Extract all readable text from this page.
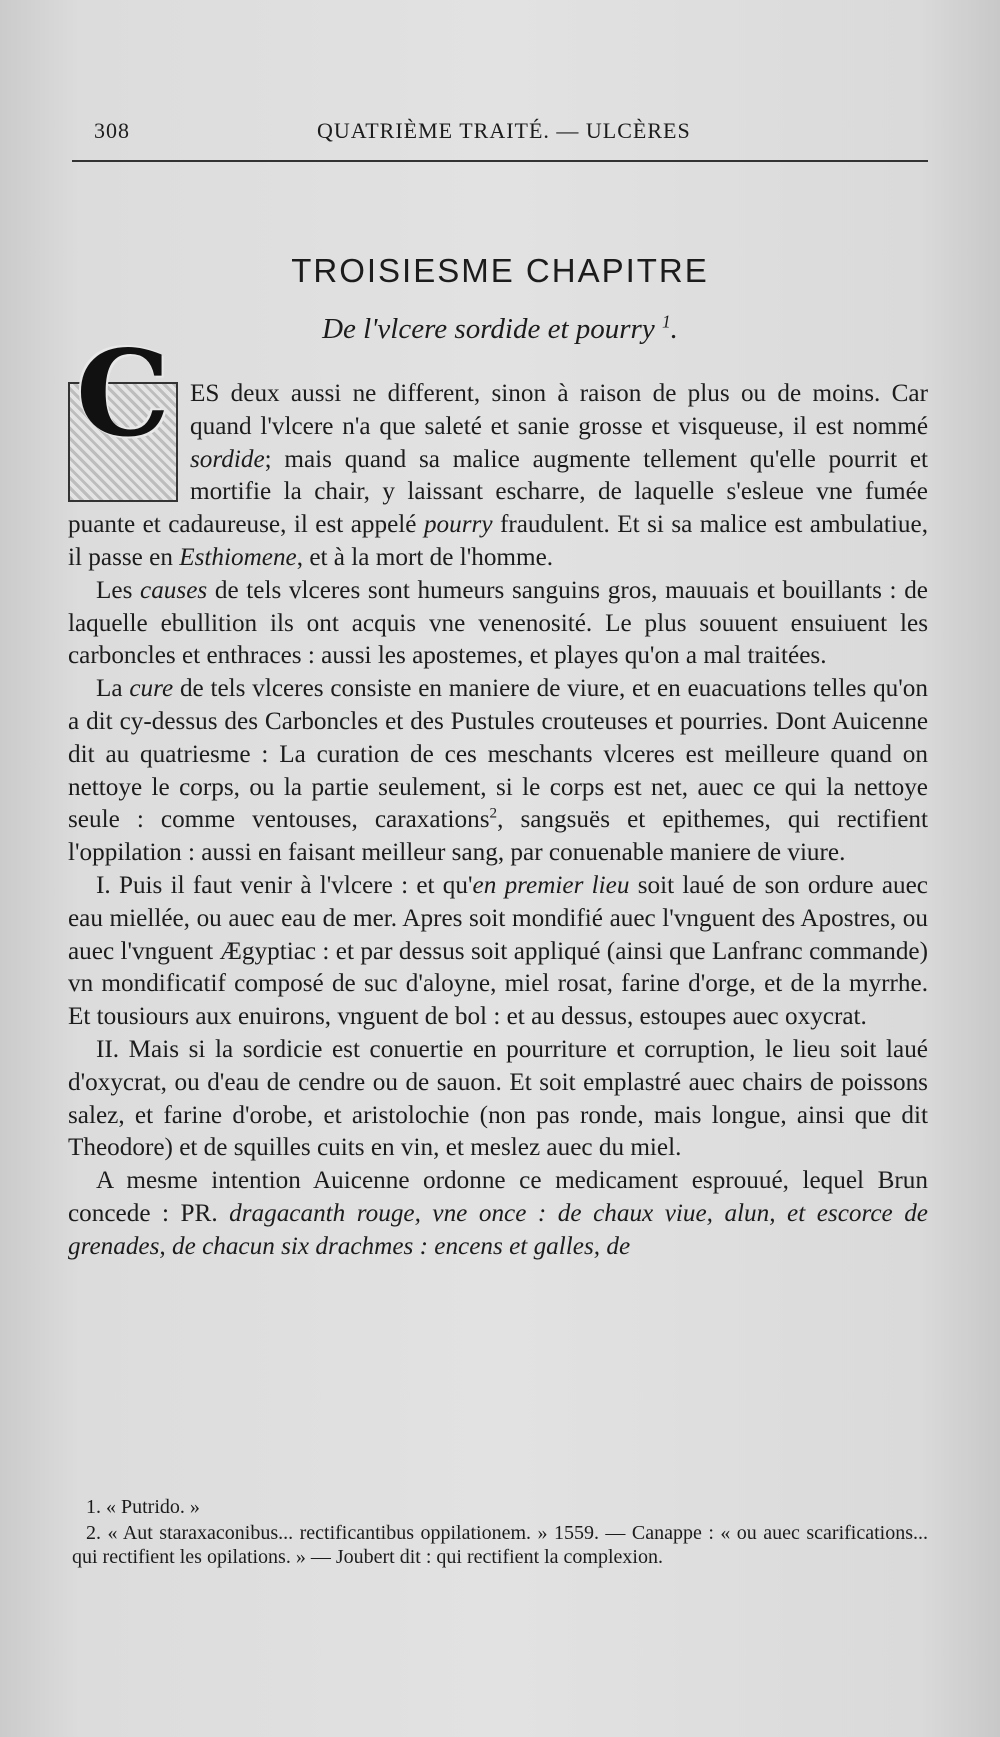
308	QUATRIÈME TRAITÉ. — ULCÈRES
TROISIESME CHAPITRE
De l'vlcere sordide et pourry $^1$.

C ES deux aussi ne different, sinon à raison de plus ou de moins. Car quand l'vlcere n'a que saleté et sanie grosse et visqueuse, il est nommé sordide; mais quand sa malice augmente tellement qu'elle pourrit et mortifie la chair, y laissant escharre, de laquelle s'esleue vne fumée puante et cadaureuse, il est appelé pourry fraudulent. Et si sa malice est ambulatiue, il passe en Esthiomene, et à la mort de l'homme.

Les causes de tels vlceres sont humeurs sanguins gros, mauuais et bouillants : de laquelle ebullition ils ont acquis vne venenosité. Le plus souuent ensuiuent les carboncles et enthraces : aussi les apostemes, et playes qu'on a mal traitées.

La cure de tels vlceres consiste en maniere de viure, et en euacuations telles qu'on a dit cy-dessus des Carboncles et des Pustules crouteuses et pourries. Dont Auicenne dit au quatriesme : La curation de ces meschants vlceres est meilleure quand on nettoye le corps, ou la partie seulement, si le corps est net, auec ce qui la nettoye seule : comme ventouses, caraxations$^2$, sangsuës et epithemes, qui rectifient l'oppilation : aussi en faisant meilleur sang, par conuenable maniere de viure.

I. Puis il faut venir à l'vlcere : et qu'en premier lieu soit laué de son ordure auec eau miellée, ou auec eau de mer. Apres soit mondifié auec l'vnguent des Apostres, ou auec l'vnguent Ægyptiac : et par dessus soit appliqué (ainsi que Lanfranc commande) vn mondificatif composé de suc d'aloyne, miel rosat, farine d'orge, et de la myrrhe. Et tousiours aux enuirons, vnguent de bol : et au dessus, estoupes auec oxycrat.

II. Mais si la sordicie est conuertie en pourriture et corruption, le lieu soit laué d'oxycrat, ou d'eau de cendre ou de sauon. Et soit emplastré auec chairs de poissons salez, et farine d'orobe, et aristolochie (non pas ronde, mais longue, ainsi que dit Theodore) et de squilles cuits en vin, et meslez auec du miel.

A mesme intention Auicenne ordonne ce medicament esprouué, lequel Brun concede : PR. dragacanth rouge, vne once : de chaux viue, alun, et escorce de grenades, de chacun six drachmes : encens et galles, de

1. « Putrido. »

2. « Aut staraxaconibus... rectificantibus oppilationem. » 1559. — Canappe : « ou auec scarifications... qui rectifient les opilations. » — Joubert dit : qui rectifient la complexion.
